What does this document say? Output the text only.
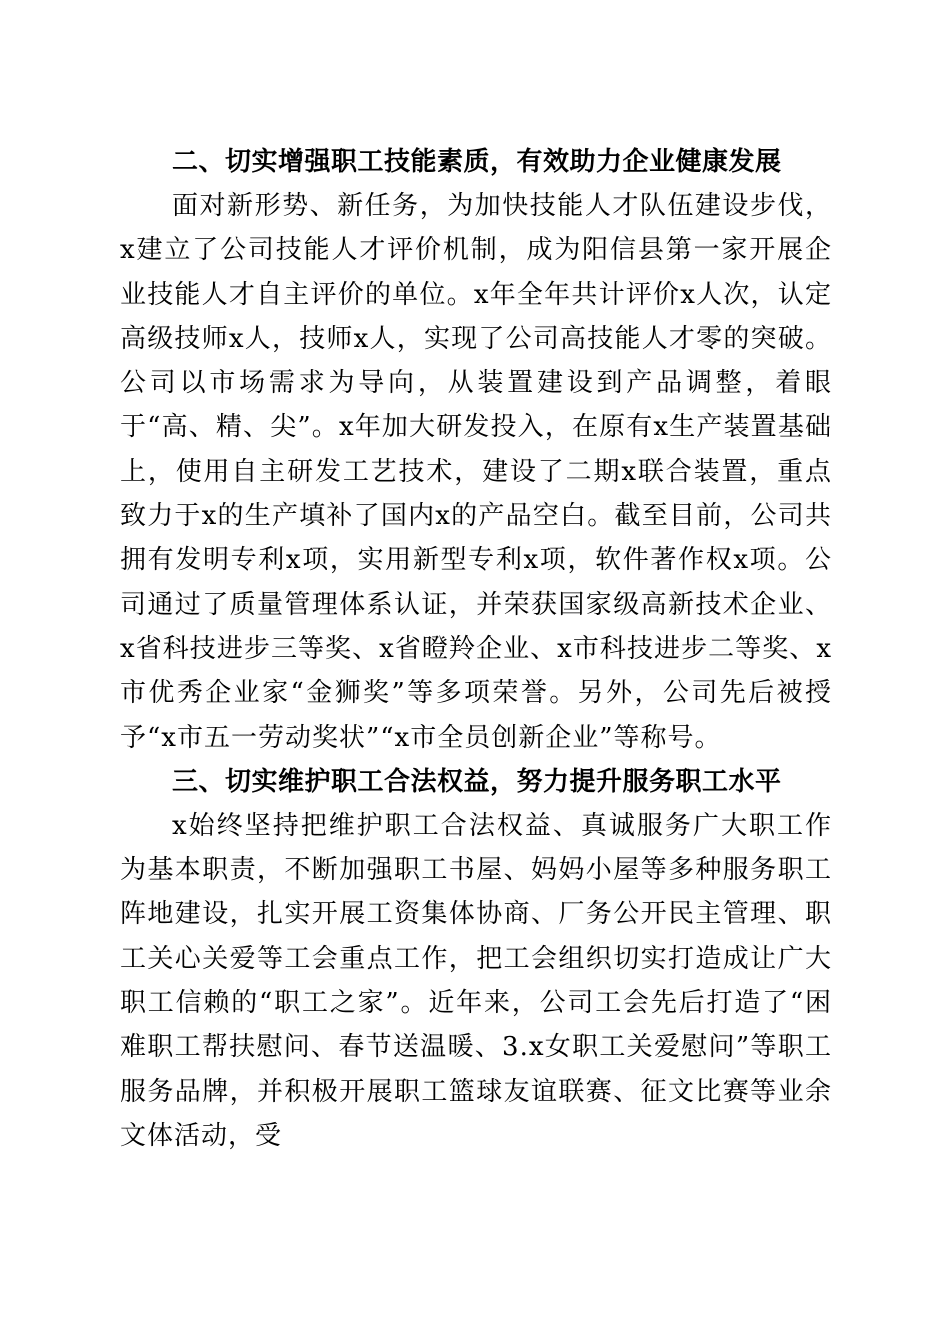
二、切实增强职工技能素质，有效助力企业健康发展

面对新形势、新任务，为加快技能人才队伍建设步伐，x建立了公司技能人才评价机制，成为阳信县第一家开展企业技能人才自主评价的单位。x年全年共计评价x人次，认定高级技师x人，技师x人，实现了公司高技能人才零的突破。公司以市场需求为导向，从装置建设到产品调整，着眼于“高、精、尖”。x年加大研发投入，在原有x生产装置基础上，使用自主研发工艺技术，建设了二期x联合装置，重点致力于x的生产填补了国内x的产品空白。截至目前，公司共拥有发明专利x项，实用新型专利x项，软件著作权x项。公司通过了质量管理体系认证，并荣获国家级高新技术企业、x省科技进步三等奖、x省瞪羚企业、x市科技进步二等奖、x市优秀企业家“金狮奖”等多项荣誉。另外，公司先后被授予“x市五一劳动奖状”“x市全员创新企业”等称号。

三、切实维护职工合法权益，努力提升服务职工水平

x始终坚持把维护职工合法权益、真诚服务广大职工作为基本职责，不断加强职工书屋、妈妈小屋等多种服务职工阵地建设，扎实开展工资集体协商、厂务公开民主管理、职工关心关爱等工会重点工作，把工会组织切实打造成让广大职工信赖的“职工之家”。近年来，公司工会先后打造了“困难职工帮扶慰问、春节送温暖、3.x女职工关爱慰问”等职工服务品牌，并积极开展职工篮球友谊联赛、征文比赛等业余文体活动，受
